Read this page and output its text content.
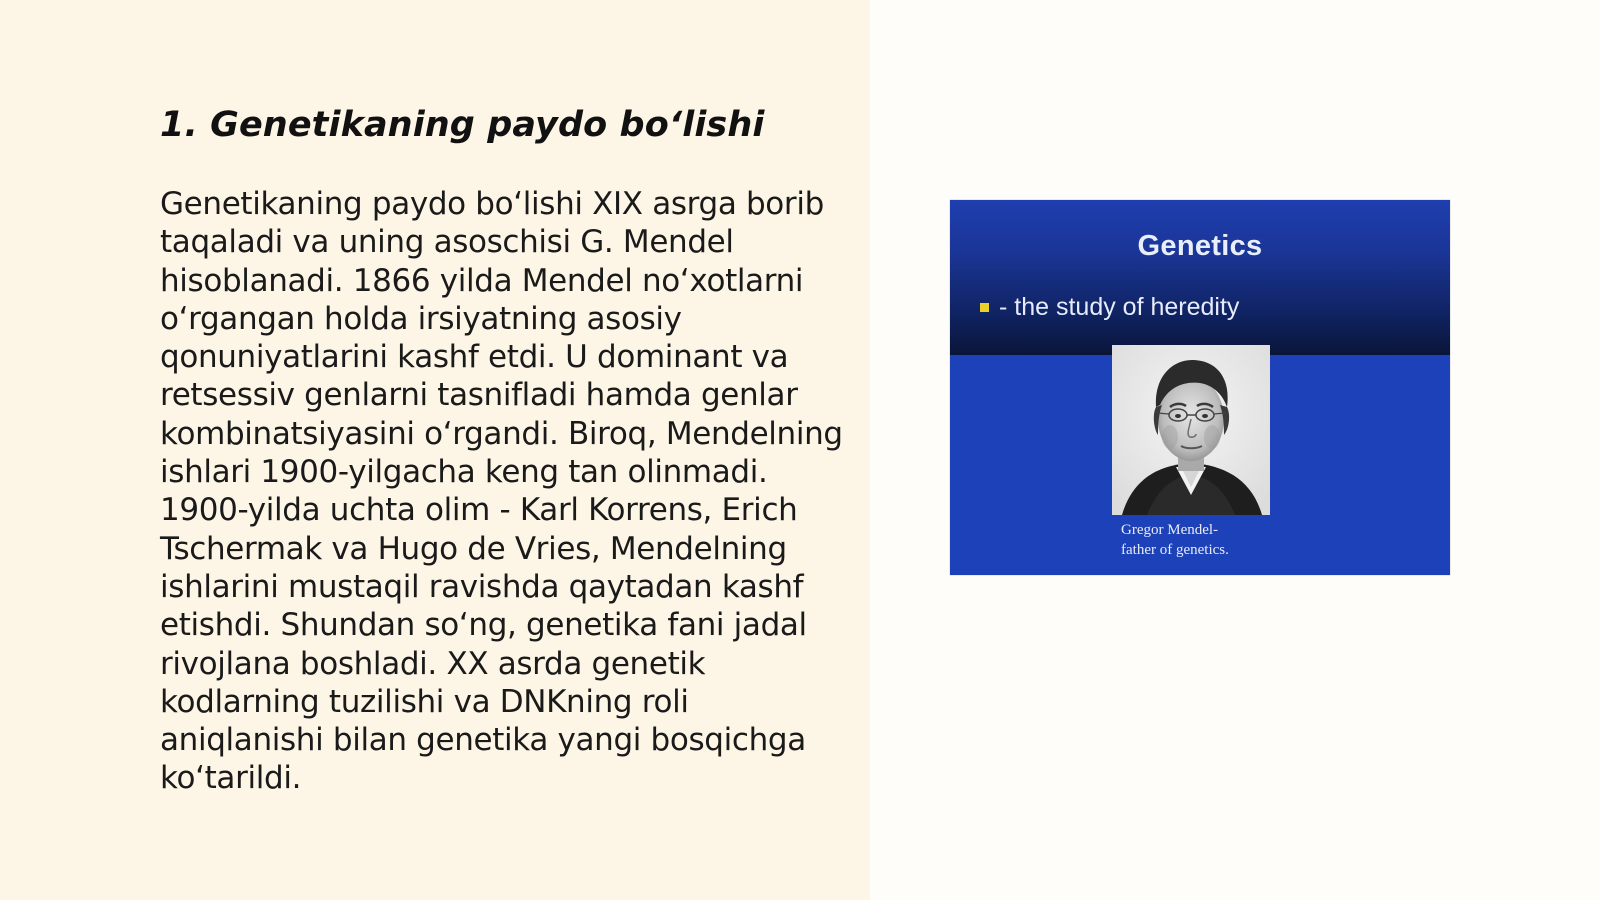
1. Genetikaning paydo boʻlishi

Genetikaning paydo boʻlishi XIX asrga borib taqaladi va uning asoschisi G. Mendel hisoblanadi. 1866 yilda Mendel noʻxotlarni oʻrgangan holda irsiyatning asosiy qonuniyatlarini kashf etdi. U dominant va retsessiv genlarni tasnifladi hamda genlar kombinatsiyasini oʻrgandi. Biroq, Mendelning ishlari 1900-yilgacha keng tan olinmadi. 1900-yilda uchta olim - Karl Korrens, Erich Tschermak va Hugo de Vries, Mendelning ishlarini mustaqil ravishda qaytadan kashf etishdi. Shundan soʻng, genetika fani jadal rivojlana boshladi. XX asrda genetik kodlarning tuzilishi va DNKning roli aniqlanishi bilan genetika yangi bosqichga koʻtarildi.

Genetics
- the study of heredity
Gregor Mendel-
father of genetics.
